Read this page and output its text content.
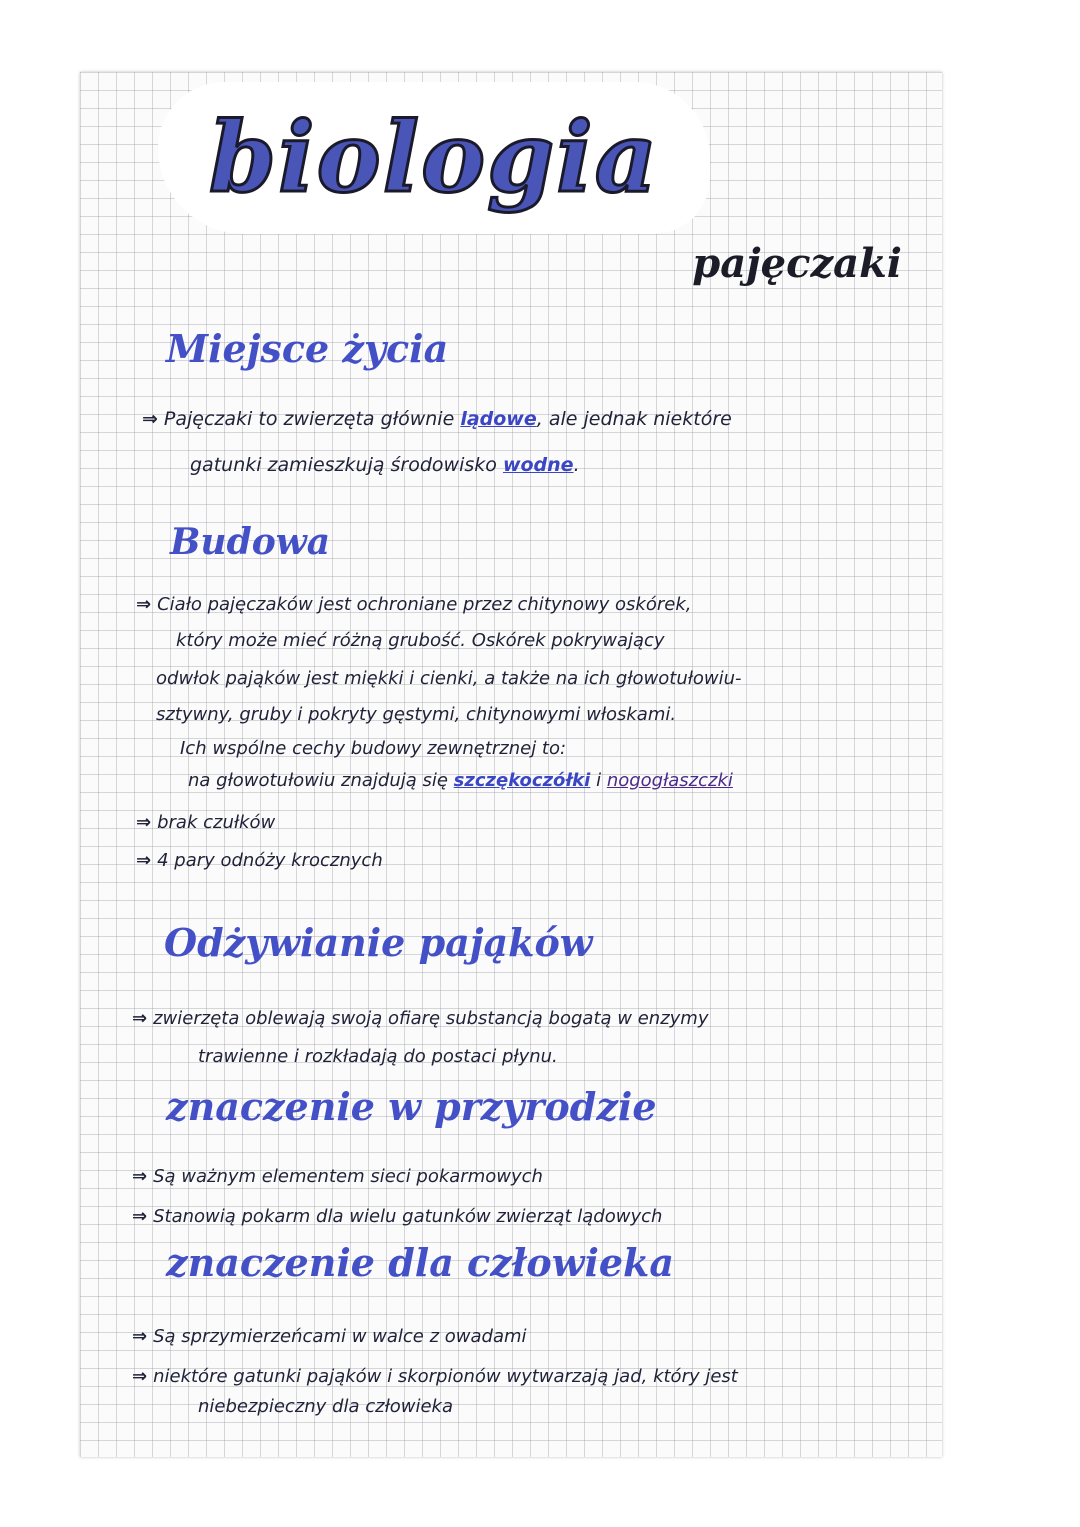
biologia
pajęczaki
Miejsce życia
⇒ Pajęczaki to zwierzęta głównie lądowe, ale jednak niektóre
gatunki zamieszkują środowisko wodne.
Budowa
⇒ Ciało pajęczaków jest ochroniane przez chitynowy oskórek,
który może mieć różną grubość. Oskórek pokrywający
odwłok pająków jest miękki i cienki, a także na ich głowotułowiu-
sztywny, gruby i pokryty gęstymi, chitynowymi włoskami.
Ich wspólne cechy budowy zewnętrznej to:
na głowotułowiu znajdują się szczękoczółki i nogogłaszczki
⇒ brak czułków
⇒ 4 pary odnóży krocznych
Odżywianie pająków
⇒ zwierzęta oblewają swoją ofiarę substancją bogatą w enzymy
trawienne i rozkładają do postaci płynu.
znaczenie w przyrodzie
⇒ Są ważnym elementem sieci pokarmowych
⇒ Stanowią pokarm dla wielu gatunków zwierząt lądowych
znaczenie dla człowieka
⇒ Są sprzymierzeńcami w walce z owadami
⇒ niektóre gatunki pająków i skorpionów wytwarzają jad, który jest
niebezpieczny dla człowieka
